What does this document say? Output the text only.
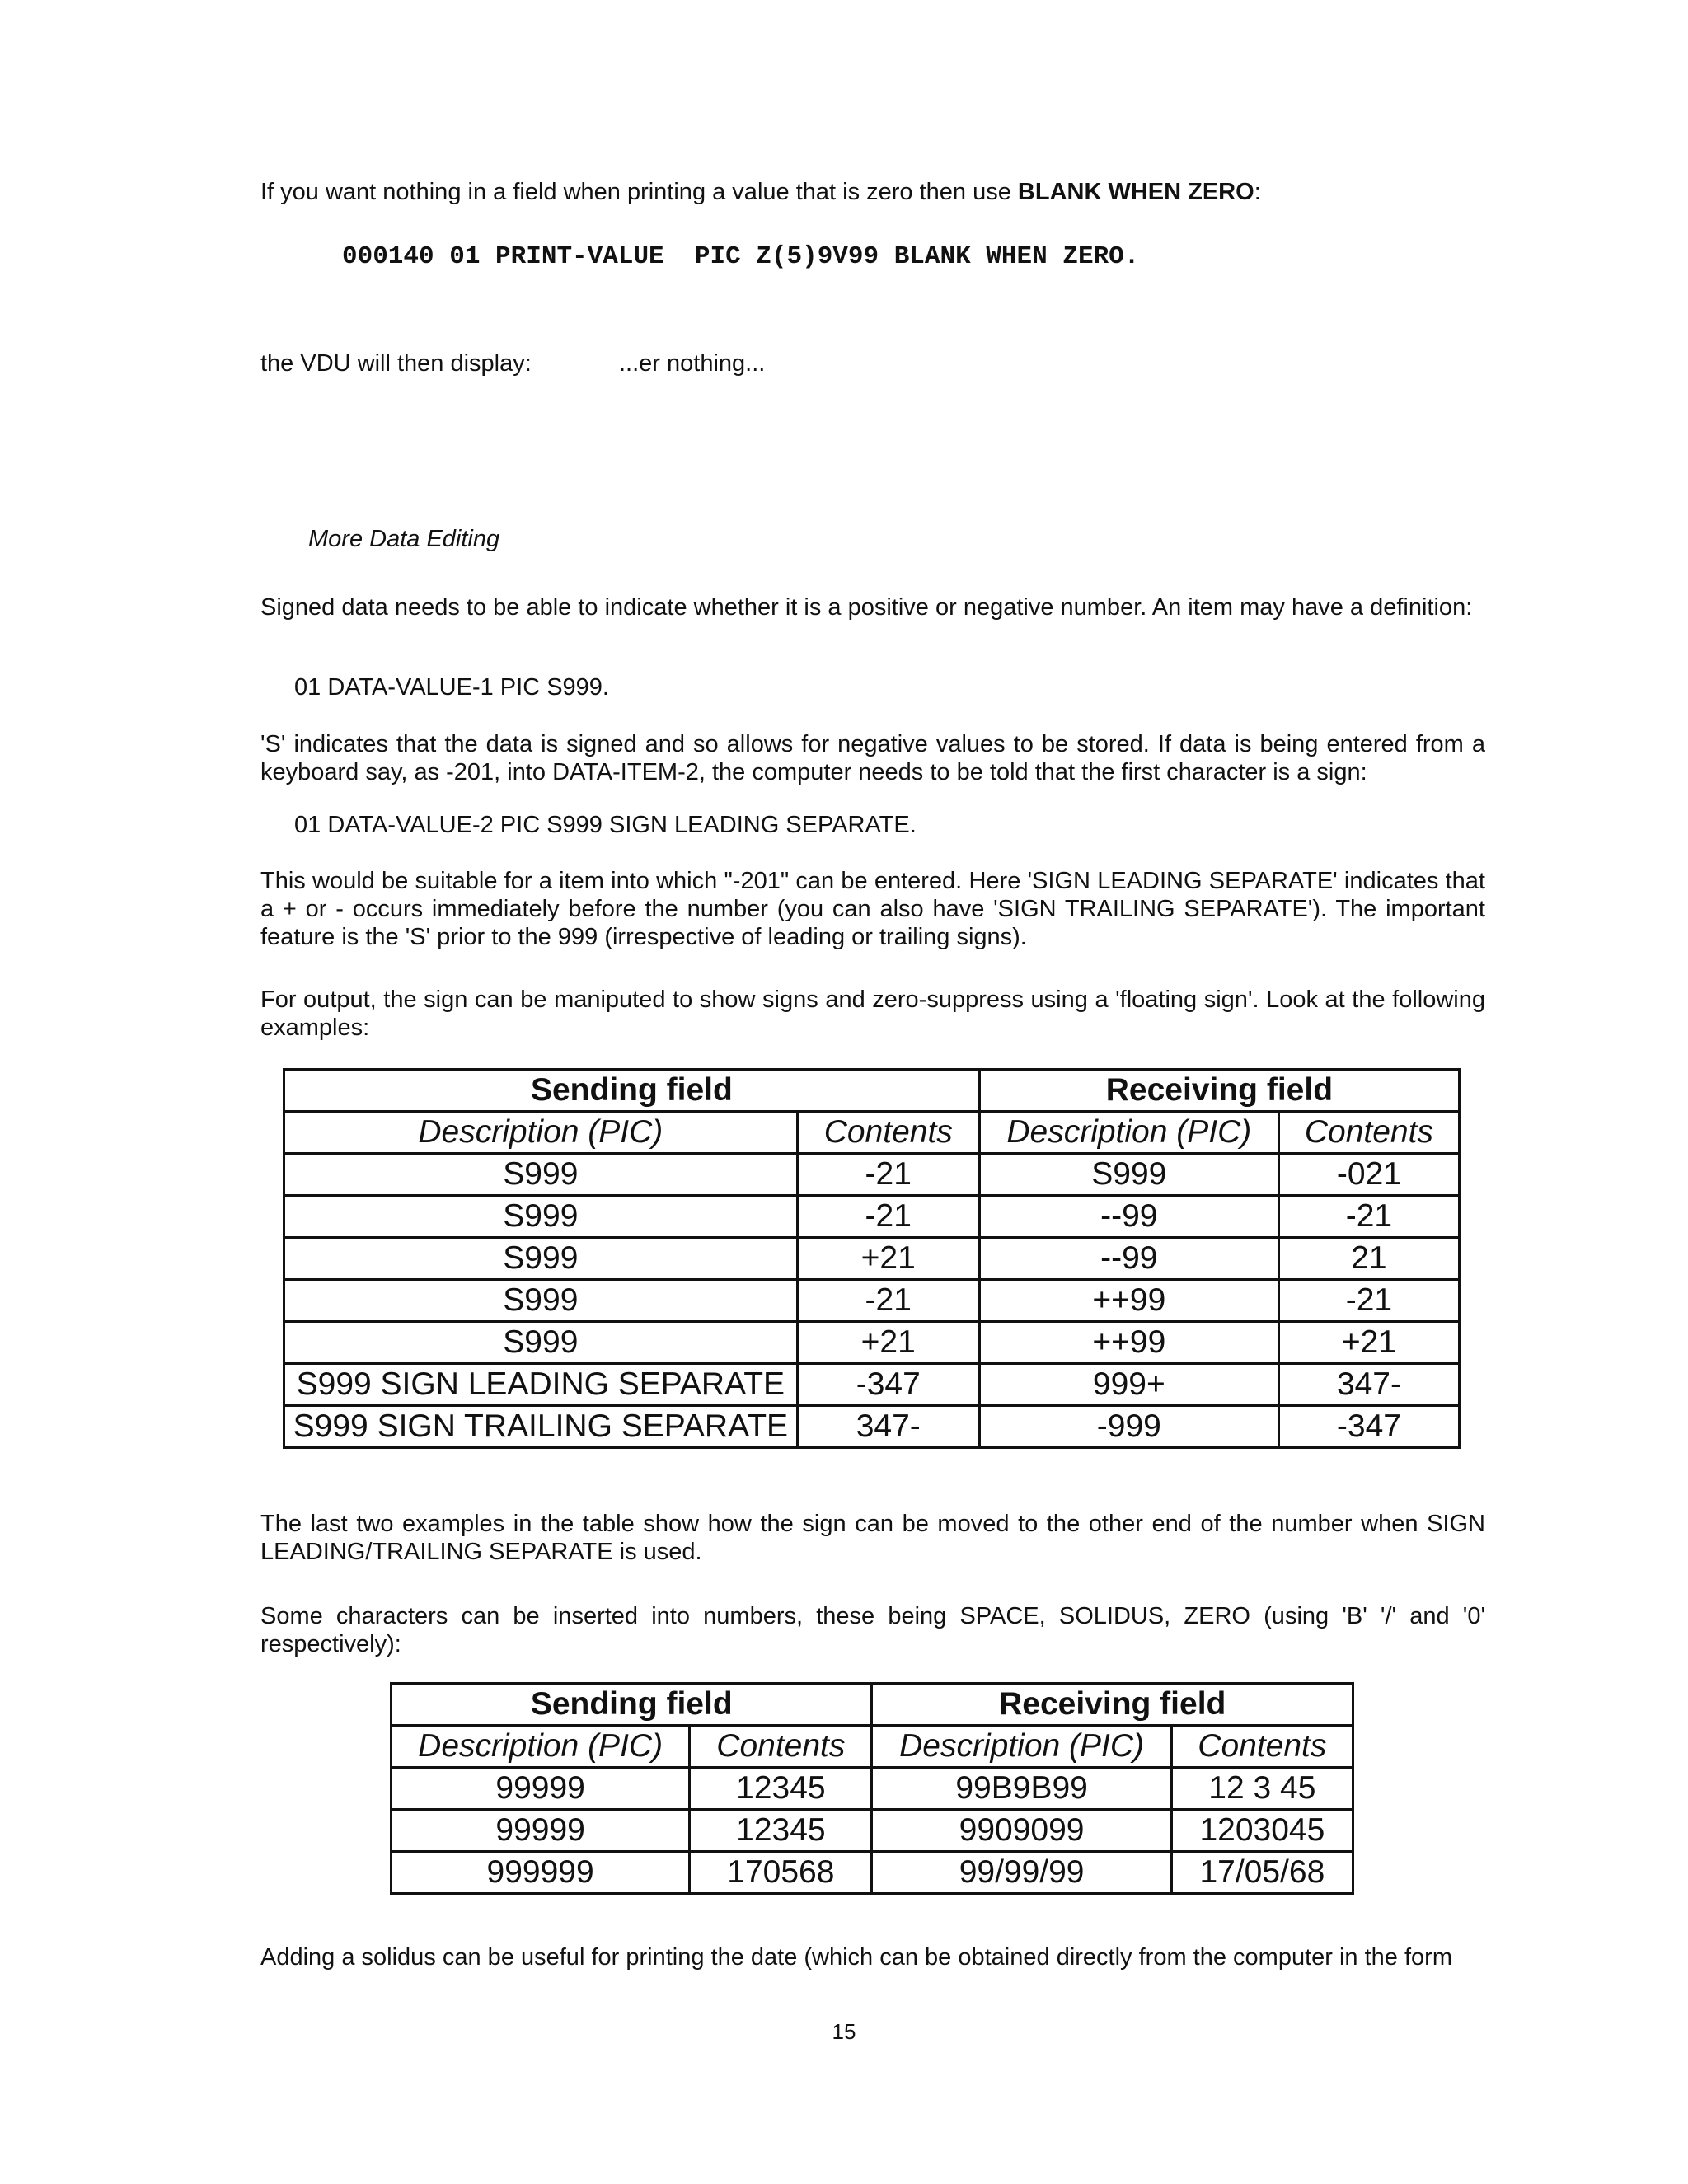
If you want nothing in a field when printing a value that is zero then use BLANK WHEN ZERO:

000140 01 PRINT-VALUE  PIC Z(5)9V99 BLANK WHEN ZERO.
the VDU will then display:	...er nothing...
More Data Editing

Signed data needs to be able to indicate whether it is a positive or negative number. An item may have a definition:

01 DATA-VALUE-1 PIC S999.

'S' indicates that the data is signed and so allows for negative values to be stored. If data is being entered from a keyboard say, as -201, into DATA-ITEM-2, the computer needs to be told that the first character is a sign:

01 DATA-VALUE-2 PIC S999 SIGN LEADING SEPARATE.

This would be suitable for a item into which "-201" can be entered. Here 'SIGN LEADING SEPARATE' indicates that a + or - occurs immediately before the number (you can also have 'SIGN TRAILING SEPARATE'). The important feature is the 'S' prior to the 999 (irrespective of leading or trailing signs).

For output, the sign can be maniputed to show signs and zero-suppress using a 'floating sign'. Look at the following examples:

Sending field		Receiving field	
Description (PIC)	Contents	Description (PIC)	Contents
S999	-21	S999	-021
S999	-21	--99	-21
S999	+21	--99	21
S999	-21	++99	-21
S999	+21	++99	+21
S999 SIGN LEADING SEPARATE	-347	999+	347-
S999 SIGN TRAILING SEPARATE	347-	-999	-347

The last two examples in the table show how the sign can be moved to the other end of the number when SIGN LEADING/TRAILING SEPARATE is used.

Some characters can be inserted into numbers, these being SPACE, SOLIDUS, ZERO (using 'B' '/' and '0' respectively):

Sending field		Receiving field	
Description (PIC)	Contents	Description (PIC)	Contents
99999	12345	99B9B99	12 3 45
99999	12345	9909099	1203045
999999	170568	99/99/99	17/05/68

Adding a solidus can be useful for printing the date (which can be obtained directly from the computer in the form

15
